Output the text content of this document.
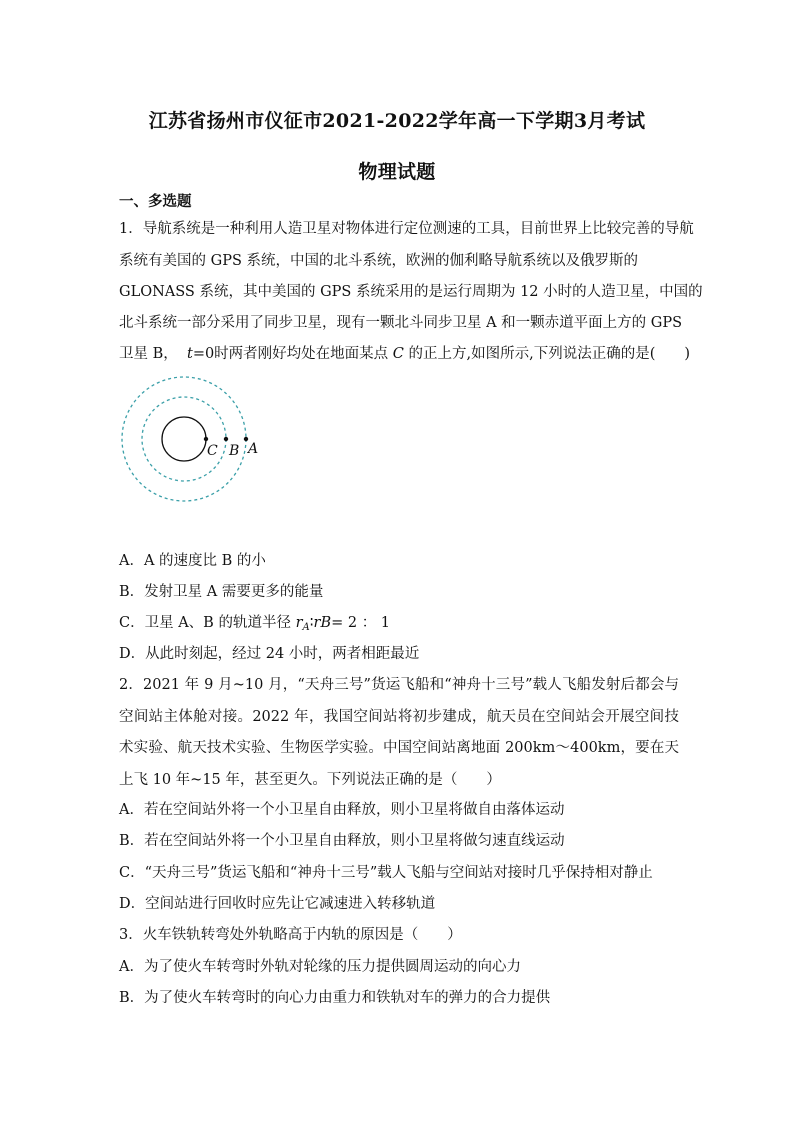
江苏省扬州市仪征市2021-2022学年高一下学期3月考试
物理试题
一、多选题
1．导航系统是一种利用人造卫星对物体进行定位测速的工具，目前世界上比较完善的导航
系统有美国的 GPS 系统，中国的北斗系统，欧洲的伽利略导航系统以及俄罗斯的
GLONASS 系统，其中美国的 GPS 系统采用的是运行周期为 12 小时的人造卫星，中国的
北斗系统一部分采用了同步卫星，现有一颗北斗同步卫星 A 和一颗赤道平面上方的 GPS
卫星 B， t=0时两者刚好均处在地面某点 C 的正上方,如图所示,下列说法正确的是(　　)
C B A
A．A 的速度比 B 的小
B．发射卫星 A 需要更多的能量
C．卫星 A、B 的轨道半径 $r_A∶rB= 2$ ： 1
D．从此时刻起，经过 24 小时，两者相距最近
2．2021 年 9 月~10 月，“天舟三号”货运飞船和“神舟十三号”载人飞船发射后都会与空间站主体舱对接。2022 年，我国空间站将初步建成，航天员在空间站会开展空间技术实验、航天技术实验、生物医学实验。中国空间站离地面 200km～400km，要在天上飞 10 年~15 年，甚至更久。下列说法正确的是（　　）
A．若在空间站外将一个小卫星自由释放，则小卫星将做自由落体运动
B．若在空间站外将一个小卫星自由释放，则小卫星将做匀速直线运动
C．“天舟三号”货运飞船和“神舟十三号”载人飞船与空间站对接时几乎保持相对静止
D．空间站进行回收时应先让它减速进入转移轨道
3．火车铁轨转弯处外轨略高于内轨的原因是（　　）
A．为了使火车转弯时外轨对轮缘的压力提供圆周运动的向心力
B．为了使火车转弯时的向心力由重力和铁轨对车的弹力的合力提供
